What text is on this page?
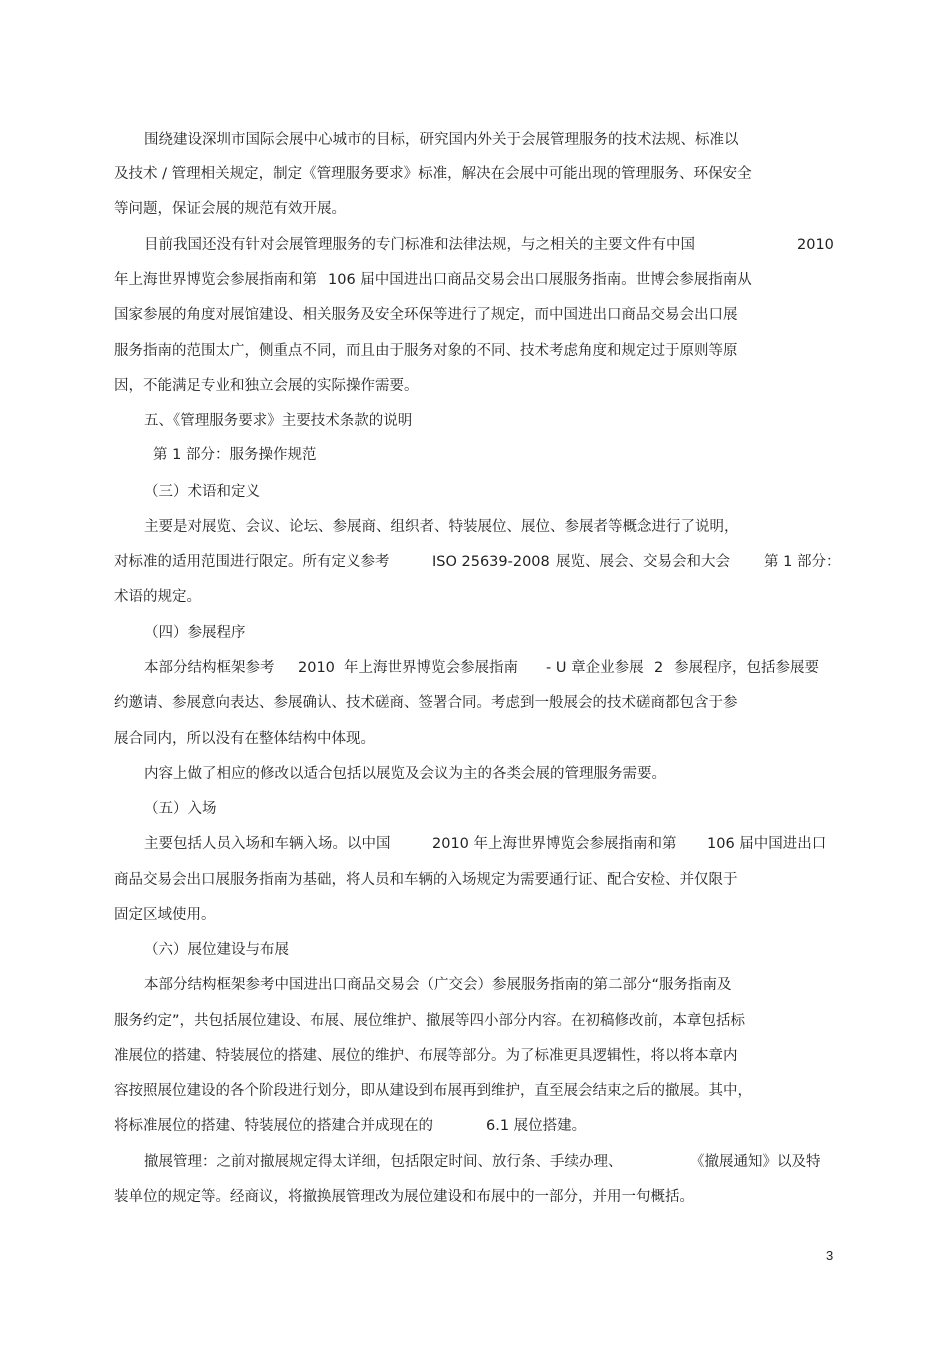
围绕建设深圳市国际会展中心城市的目标，研究国内外关于会展管理服务的技术法规、标准以
及技术 / 管理相关规定，制定《管理服务要求》标准，解决在会展中可能出现的管理服务、环保安全
等问题，保证会展的规范有效开展。
目前我国还没有针对会展管理服务的专门标准和法律法规，与之相关的主要文件有中国	2010
年上海世界博览会参展指南和第 106 届中国进出口商品交易会出口展服务指南。世博会参展指南从
国家参展的角度对展馆建设、相关服务及安全环保等进行了规定，而中国进出口商品交易会出口展
服务指南的范围太广，侧重点不同，而且由于服务对象的不同、技术考虑角度和规定过于原则等原
因，不能满足专业和独立会展的实际操作需要。
五、《管理服务要求》主要技术条款的说明
第 1 部分：服务操作规范
（三）术语和定义
主要是对展览、会议、论坛、参展商、组织者、特装展位、展位、参展者等概念进行了说明，
对标准的适用范围进行限定。所有定义参考	ISO 25639-2008 展览、展会、交易会和大会 第 1 部分：
术语的规定。
（四）参展程序
本部分结构框架参考 2010 年上海世界博览会参展指南 - U 章企业参展 2 参展程序，包括参展要
约邀请、参展意向表达、参展确认、技术磋商、签署合同。考虑到一般展会的技术磋商都包含于参
展合同内，所以没有在整体结构中体现。
内容上做了相应的修改以适合包括以展览及会议为主的各类会展的管理服务需要。
（五）入场
主要包括人员入场和车辆入场。以中国	2010 年上海世界博览会参展指南和第 106 届中国进出口
商品交易会出口展服务指南为基础，将人员和车辆的入场规定为需要通行证、配合安检、并仅限于
固定区域使用。
（六）展位建设与布展
本部分结构框架参考中国进出口商品交易会（广交会）参展服务指南的第二部分“服务指南及
服务约定”，共包括展位建设、布展、展位维护、撤展等四小部分内容。在初稿修改前，本章包括标
准展位的搭建、特装展位的搭建、展位的维护、布展等部分。为了标准更具逻辑性，将以将本章内
容按照展位建设的各个阶段进行划分，即从建设到布展再到维护，直至展会结束之后的撤展。其中，
将标准展位的搭建、特装展位的搭建合并成现在的	6.1 展位搭建。
撤展管理：之前对撤展规定得太详细，包括限定时间、放行条、手续办理、	《撤展通知》以及特
装单位的规定等。经商议，将撤换展管理改为展位建设和布展中的一部分，并用一句概括。
3
